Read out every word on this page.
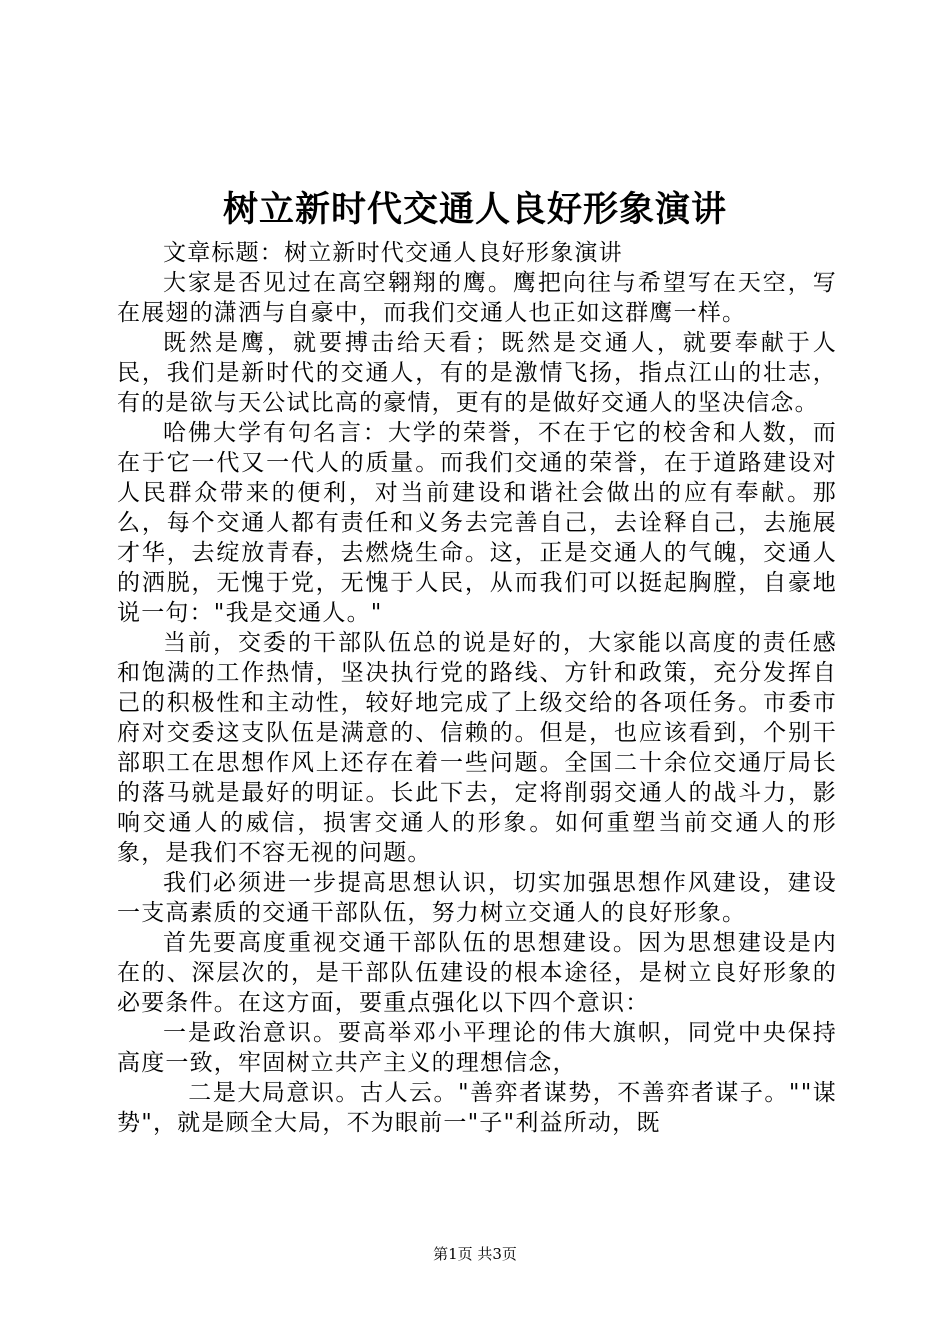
树立新时代交通人良好形象演讲

文章标题：树立新时代交通人良好形象演讲

大家是否见过在高空翱翔的鹰。鹰把向往与希望写在天空，写在展翅的潇洒与自豪中，而我们交通人也正如这群鹰一样。

既然是鹰，就要搏击给天看；既然是交通人，就要奉献于人民，我们是新时代的交通人，有的是激情飞扬，指点江山的壮志，有的是欲与天公试比高的豪情，更有的是做好交通人的坚决信念。

哈佛大学有句名言：大学的荣誉，不在于它的校舍和人数，而在于它一代又一代人的质量。而我们交通的荣誉，在于道路建设对人民群众带来的便利，对当前建设和谐社会做出的应有奉献。那么，每个交通人都有责任和义务去完善自己，去诠释自己，去施展才华，去绽放青春，去燃烧生命。这，正是交通人的气魄，交通人的洒脱，无愧于党，无愧于人民，从而我们可以挺起胸膛，自豪地说一句："我是交通人。"

当前，交委的干部队伍总的说是好的，大家能以高度的责任感和饱满的工作热情，坚决执行党的路线、方针和政策，充分发挥自己的积极性和主动性，较好地完成了上级交给的各项任务。市委市府对交委这支队伍是满意的、信赖的。但是，也应该看到，个别干部职工在思想作风上还存在着一些问题。全国二十余位交通厅局长的落马就是最好的明证。长此下去，定将削弱交通人的战斗力，影响交通人的威信，损害交通人的形象。如何重塑当前交通人的形象，是我们不容无视的问题。

我们必须进一步提高思想认识，切实加强思想作风建设，建设一支高素质的交通干部队伍，努力树立交通人的良好形象。

首先要高度重视交通干部队伍的思想建设。因为思想建设是内在的、深层次的，是干部队伍建设的根本途径，是树立良好形象的必要条件。在这方面，要重点强化以下四个意识：

一是政治意识。要高举邓小平理论的伟大旗帜，同党中央保持高度一致，牢固树立共产主义的理想信念，

二是大局意识。古人云。"善弈者谋势，不善弈者谋子。""谋势"，就是顾全大局，不为眼前一"子"利益所动，既

第1页 共3页
